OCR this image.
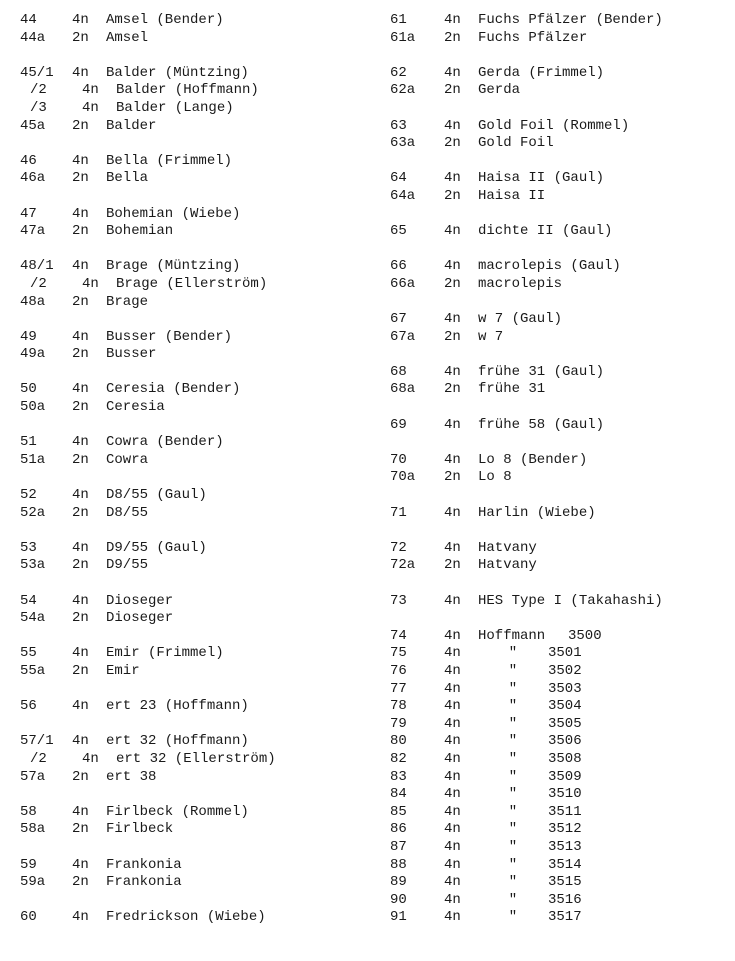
44	4n	Amsel (Bender)
44a	2n	Amsel
45/1	4n	Balder (Müntzing)
/2	4n	Balder (Hoffmann)
/3	4n	Balder (Lange)
45a	2n	Balder
46	4n	Bella (Frimmel)
46a	2n	Bella
47	4n	Bohemian (Wiebe)
47a	2n	Bohemian
48/1	4n	Brage (Müntzing)
/2	4n	Brage (Ellerström)
48a	2n	Brage
49	4n	Busser (Bender)
49a	2n	Busser
50	4n	Ceresia (Bender)
50a	2n	Ceresia
51	4n	Cowra (Bender)
51a	2n	Cowra
52	4n	D8/55 (Gaul)
52a	2n	D8/55
53	4n	D9/55 (Gaul)
53a	2n	D9/55
54	4n	Dioseger
54a	2n	Dioseger
55	4n	Emir (Frimmel)
55a	2n	Emir
56	4n	ert 23 (Hoffmann)
57/1	4n	ert 32 (Hoffmann)
/2	4n	ert 32 (Ellerström)
57a	2n	ert 38
58	4n	Firlbeck (Rommel)
58a	2n	Firlbeck
59	4n	Frankonia
59a	2n	Frankonia
60	4n	Fredrickson (Wiebe)
61	4n	Fuchs Pfälzer (Bender)
61a	2n	Fuchs Pfälzer
62	4n	Gerda (Frimmel)
62a	2n	Gerda
63	4n	Gold Foil (Rommel)
63a	2n	Gold Foil
64	4n	Haisa II (Gaul)
64a	2n	Haisa II
65	4n	dichte II (Gaul)
66	4n	macrolepis (Gaul)
66a	2n	macrolepis
67	4n	w 7 (Gaul)
67a	2n	w 7
68	4n	frühe 31 (Gaul)
68a	2n	frühe 31
69	4n	frühe 58 (Gaul)
70	4n	Lo 8 (Bender)
70a	2n	Lo 8
71	4n	Harlin (Wiebe)
72	4n	Hatvany
72a	2n	Hatvany
73	4n	HES Type I (Takahashi)
74	4n	Hoffmann	3500
75	4n	"	3501
76	4n	"	3502
77	4n	"	3503
78	4n	"	3504
79	4n	"	3505
80	4n	"	3506
82	4n	"	3508
83	4n	"	3509
84	4n	"	3510
85	4n	"	3511
86	4n	"	3512
87	4n	"	3513
88	4n	"	3514
89	4n	"	3515
90	4n	"	3516
91	4n	"	3517
